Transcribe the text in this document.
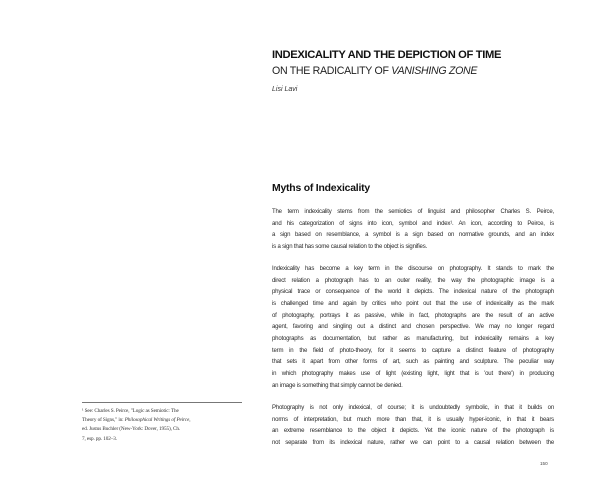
INDEXICALITY AND THE DEPICTION OF TIME
ON THE RADICALITY OF VANISHING ZONE
Lisi Lavi
Myths of Indexicality

The term indexicality stems from the semiotics of linguist and philosopher Charles S. Peirce,
and his categorization of signs into icon, symbol and index¹. An icon, according to Peirce, is
a sign based on resemblance, a symbol is a sign based on normative grounds, and an index
is a sign that has some causal relation to the object is signifies.

Indexicality has become a key term in the discourse on photography. It stands to mark the
direct relation a photograph has to an outer reality, the way the photographic image is a
physical trace or consequence of the world it depicts. The indexical nature of the photograph
is challenged time and again by critics who point out that the use of indexicality as the mark
of photography, portrays it as passive, while in fact, photographs are the result of an active
agent, favoring and singling out a distinct and chosen perspective. We may no longer regard
photographs as documentation, but rather as manufacturing, but indexicality remains a key
term in the field of photo-theory, for it seems to capture a distinct feature of photography
that sets it apart from other forms of art, such as painting and sculpture. The peculiar way
in which photography makes use of light (existing light, light that is 'out there') in producing
an image is something that simply cannot be denied.

Photography is not only indexical, of course; it is undoubtedly symbolic, in that it builds on
norms of interpretation, but much more than that, it is usually hyper-iconic, in that it bears
an extreme resemblance to the object it depicts. Yet the iconic nature of the photograph is
not separate from its indexical nature, rather we can point to a causal relation between the

¹ See: Charles S. Peirce, "Logic as Semiotic: The
Theory of Signs," in: Philosophical Writings of Peirce,
ed. Justus Buchler (New-York: Dover, 1955), Ch.
7, esp. pp. 102–3.
150
